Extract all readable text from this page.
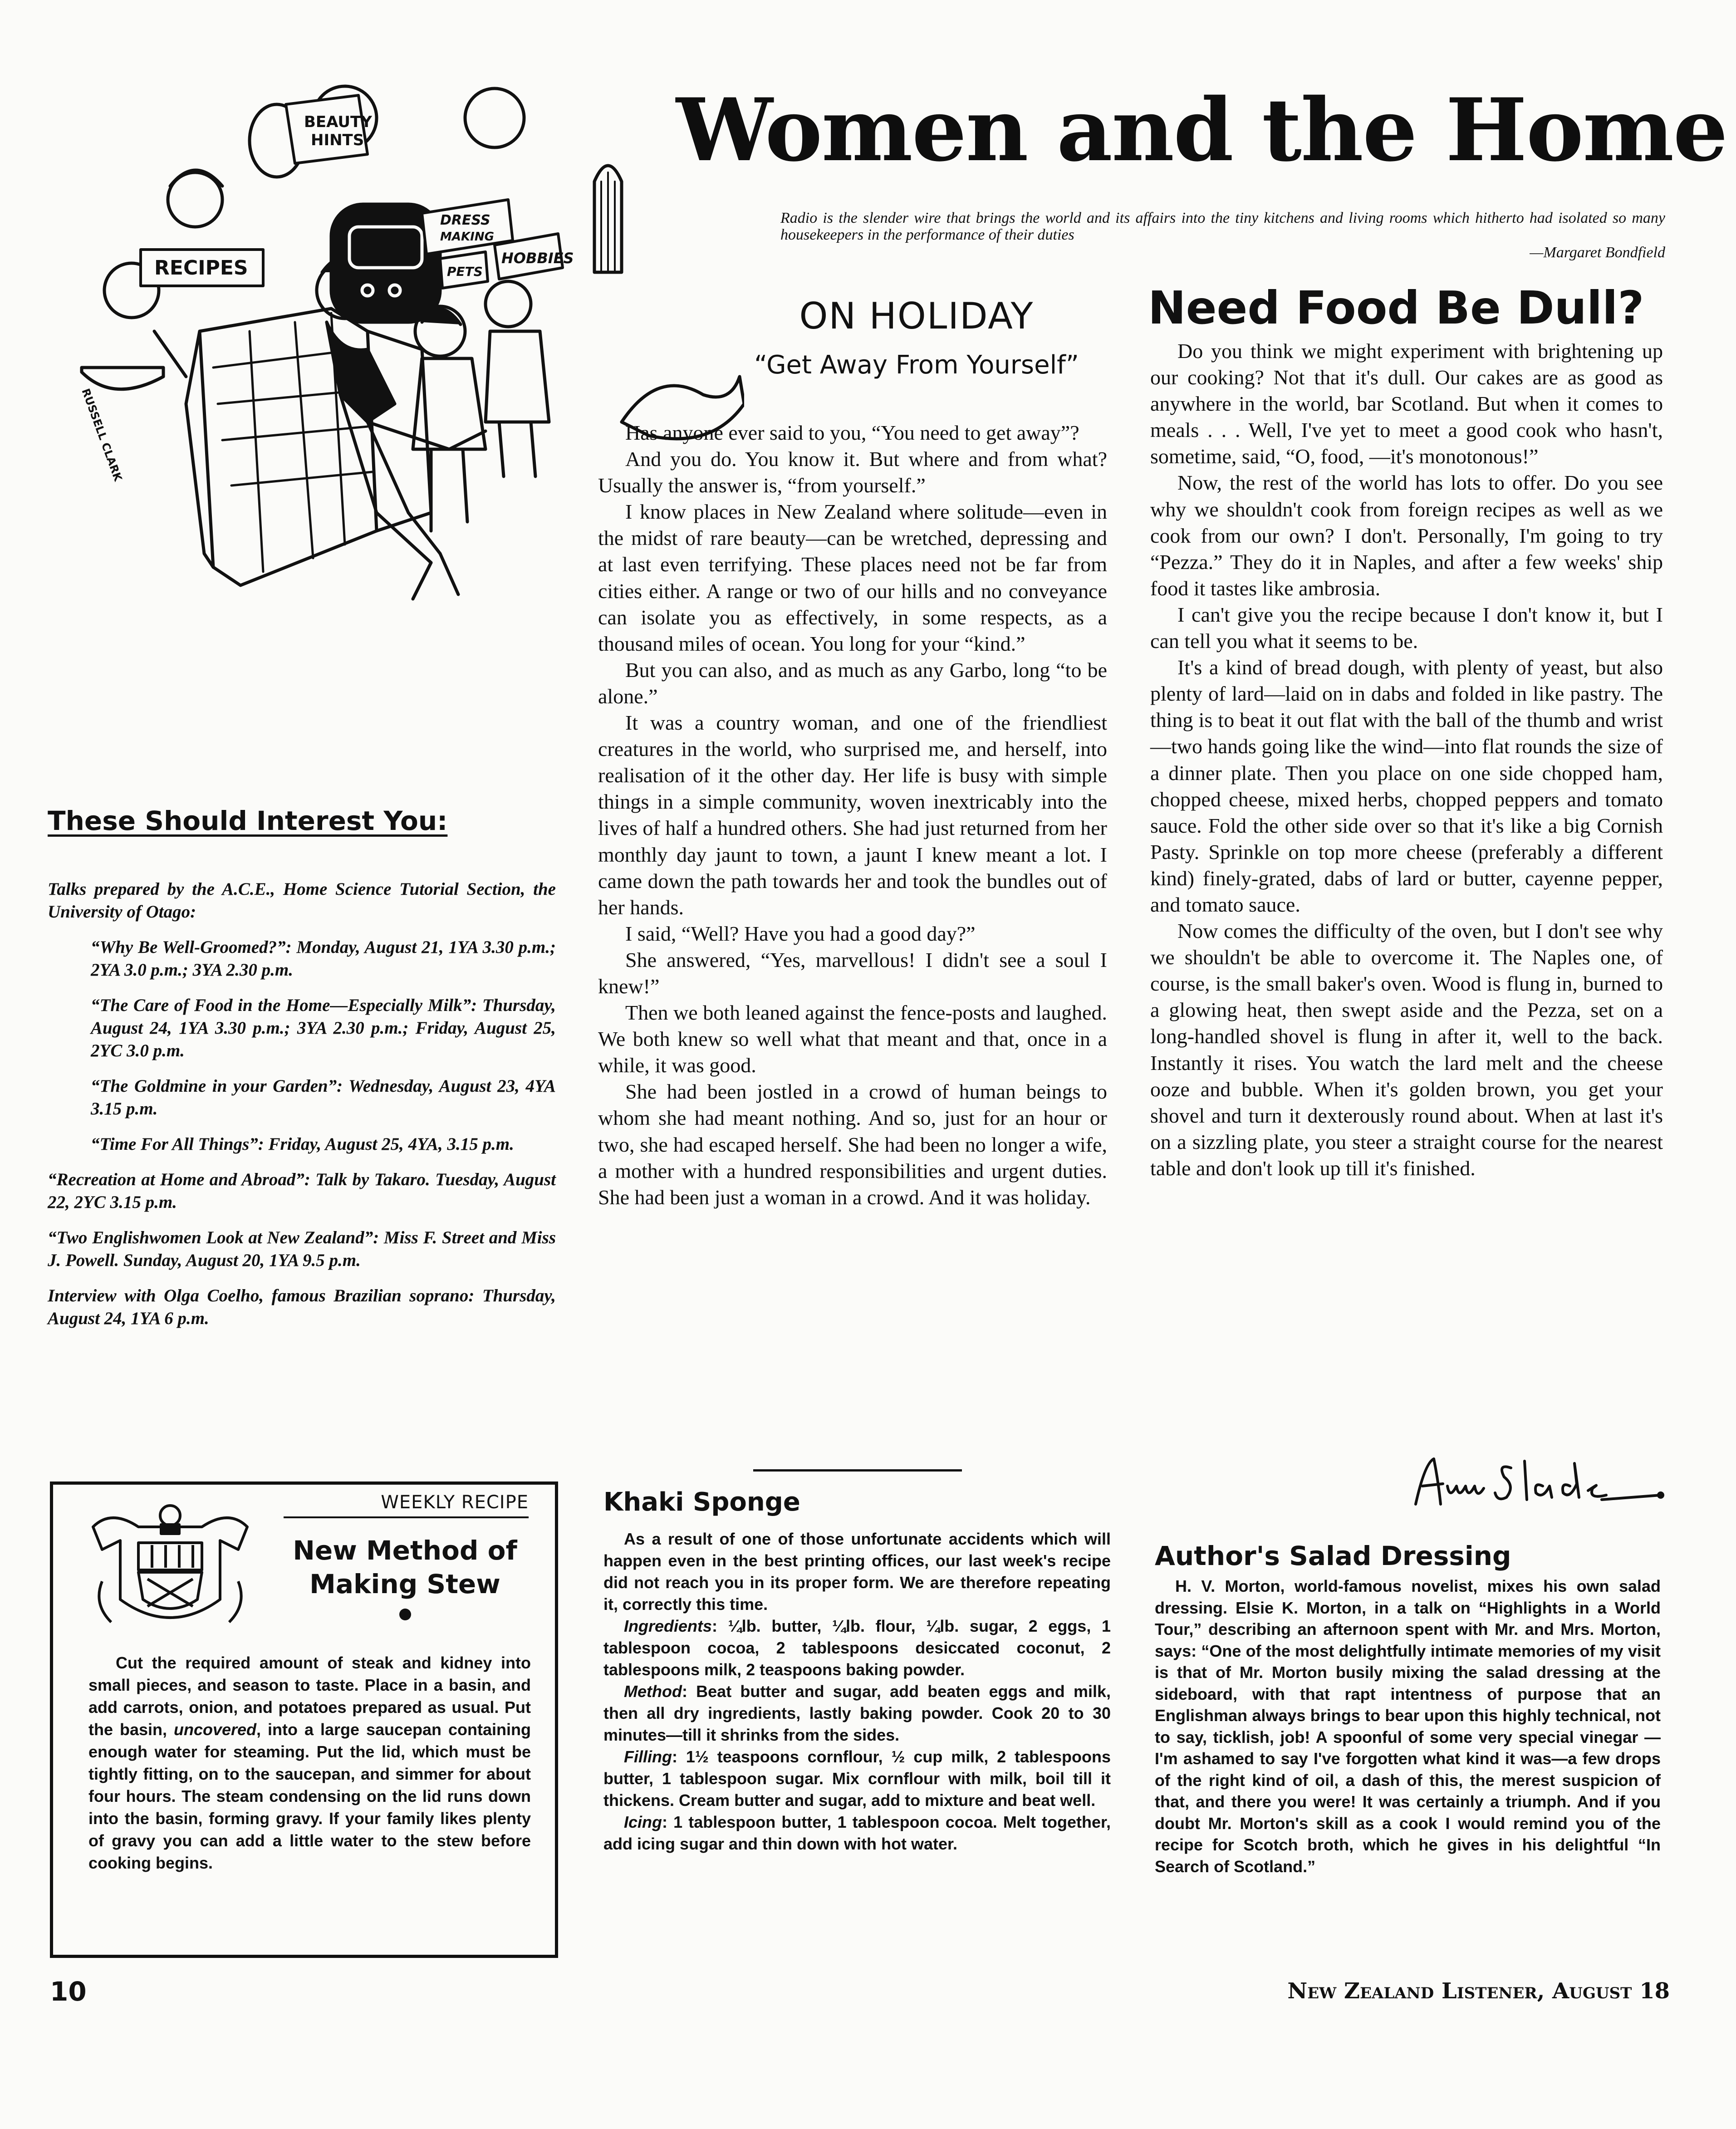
Women and the Home
Radio is the slender wire that brings the world and its affairs into the tiny kitchens and living rooms which hitherto had isolated so many housekeepers in the performance of their duties
—Margaret Bondfield
BEAUTY
HINTS
RECIPES
DRESS
MAKING
PETS
HOBBIES
RUSSELL CLARK
These Should Interest You:

Talks prepared by the A.C.E., Home Science Tutorial Section, the University of Otago:

“Why Be Well-Groomed?”: Monday, August 21, 1YA 3.30 p.m.; 2YA 3.0 p.m.; 3YA 2.30 p.m.

“The Care of Food in the Home—Especially Milk”: Thursday, August 24, 1YA 3.30 p.m.; 3YA 2.30 p.m.; Friday, August 25, 2YC 3.0 p.m.

“The Goldmine in your Garden”: Wednesday, August 23, 4YA 3.15 p.m.

“Time For All Things”: Friday, August 25, 4YA, 3.15 p.m.

“Recreation at Home and Abroad”: Talk by Takaro. Tuesday, August 22, 2YC 3.15 p.m.

“Two Englishwomen Look at New Zealand”: Miss F. Street and Miss J. Powell. Sunday, August 20, 1YA 9.5 p.m.

Interview with Olga Coelho, famous Brazilian soprano: Thursday, August 24, 1YA 6 p.m.

WEEKLY RECIPE
New Method of
Making Stew

Cut the required amount of steak and kidney into small pieces, and season to taste. Place in a basin, and add carrots, onion, and potatoes prepared as usual. Put the basin, uncovered, into a large saucepan containing enough water for steaming. Put the lid, which must be tightly fitting, on to the saucepan, and simmer for about four hours. The steam condensing on the lid runs down into the basin, forming gravy. If your family likes plenty of gravy you can add a little water to the stew before cooking begins.

ON HOLIDAY
“Get Away From Yourself”

Has anyone ever said to you, “You need to get away”?

And you do. You know it. But where and from what? Usually the answer is, “from yourself.”

I know places in New Zealand where solitude—even in the midst of rare beauty—can be wretched, depressing and at last even terrifying. These places need not be far from cities either. A range or two of our hills and no conveyance can isolate you as effectively, in some respects, as a thousand miles of ocean. You long for your “kind.”

But you can also, and as much as any Garbo, long “to be alone.”

It was a country woman, and one of the friendliest creatures in the world, who surprised me, and herself, into realisation of it the other day. Her life is busy with simple things in a simple community, woven inextricably into the lives of half a hundred others. She had just returned from her monthly day jaunt to town, a jaunt I knew meant a lot. I came down the path towards her and took the bundles out of her hands.

I said, “Well? Have you had a good day?”

She answered, “Yes, marvellous! I didn't see a soul I knew!”

Then we both leaned against the fence-posts and laughed. We both knew so well what that meant and that, once in a while, it was good.

She had been jostled in a crowd of human beings to whom she had meant nothing. And so, just for an hour or two, she had escaped herself. She had been no longer a wife, a mother with a hundred responsibilities and urgent duties. She had been just a woman in a crowd. And it was holiday.

Khaki Sponge

As a result of one of those unfortunate accidents which will happen even in the best printing offices, our last week's recipe did not reach you in its proper form. We are therefore repeating it, correctly this time.

Ingredients: ¼lb. butter, ¼lb. flour, ¼lb. sugar, 2 eggs, 1 tablespoon cocoa, 2 tablespoons desiccated coconut, 2 tablespoons milk, 2 teaspoons baking powder.

Method: Beat butter and sugar, add beaten eggs and milk, then all dry ingredients, lastly baking powder. Cook 20 to 30 minutes—till it shrinks from the sides.

Filling: 1½ teaspoons cornflour, ½ cup milk, 2 tablespoons butter, 1 tablespoon sugar. Mix cornflour with milk, boil till it thickens. Cream butter and sugar, add to mixture and beat well.

Icing: 1 tablespoon butter, 1 tablespoon cocoa. Melt together, add icing sugar and thin down with hot water.

Need Food Be Dull?

Do you think we might experiment with brightening up our cooking? Not that it's dull. Our cakes are as good as anywhere in the world, bar Scotland. But when it comes to meals . . . Well, I've yet to meet a good cook who hasn't, sometime, said, “O, food, —it's monotonous!”

Now, the rest of the world has lots to offer. Do you see why we shouldn't cook from foreign recipes as well as we cook from our own? I don't. Personally, I'm going to try “Pezza.” They do it in Naples, and after a few weeks' ship food it tastes like ambrosia.

I can't give you the recipe because I don't know it, but I can tell you what it seems to be.

It's a kind of bread dough, with plenty of yeast, but also plenty of lard—laid on in dabs and folded in like pastry. The thing is to beat it out flat with the ball of the thumb and wrist—two hands going like the wind—into flat rounds the size of a dinner plate. Then you place on one side chopped ham, chopped cheese, mixed herbs, chopped peppers and tomato sauce. Fold the other side over so that it's like a big Cornish Pasty. Sprinkle on top more cheese (preferably a different kind) finely-grated, dabs of lard or butter, cayenne pepper, and tomato sauce.

Now comes the difficulty of the oven, but I don't see why we shouldn't be able to overcome it. The Naples one, of course, is the small baker's oven. Wood is flung in, burned to a glowing heat, then swept aside and the Pezza, set on a long-handled shovel is flung in after it, well to the back. Instantly it rises. You watch the lard melt and the cheese ooze and bubble. When it's golden brown, you get your shovel and turn it dexterously round about. When at last it's on a sizzling plate, you steer a straight course for the nearest table and don't look up till it's finished.

Author's Salad Dressing

H. V. Morton, world-famous novelist, mixes his own salad dressing. Elsie K. Morton, in a talk on “Highlights in a World Tour,” describing an afternoon spent with Mr. and Mrs. Morton, says: “One of the most delightfully intimate memories of my visit is that of Mr. Morton busily mixing the salad dressing at the sideboard, with that rapt intentness of purpose that an Englishman always brings to bear upon this highly technical, not to say, ticklish, job! A spoonful of some very special vinegar — I'm ashamed to say I've forgotten what kind it was—a few drops of the right kind of oil, a dash of this, the merest suspicion of that, and there you were! It was certainly a triumph. And if you doubt Mr. Morton's skill as a cook I would remind you of the recipe for Scotch broth, which he gives in his delightful “In Search of Scotland.”

10	New Zealand Listener, August 18
